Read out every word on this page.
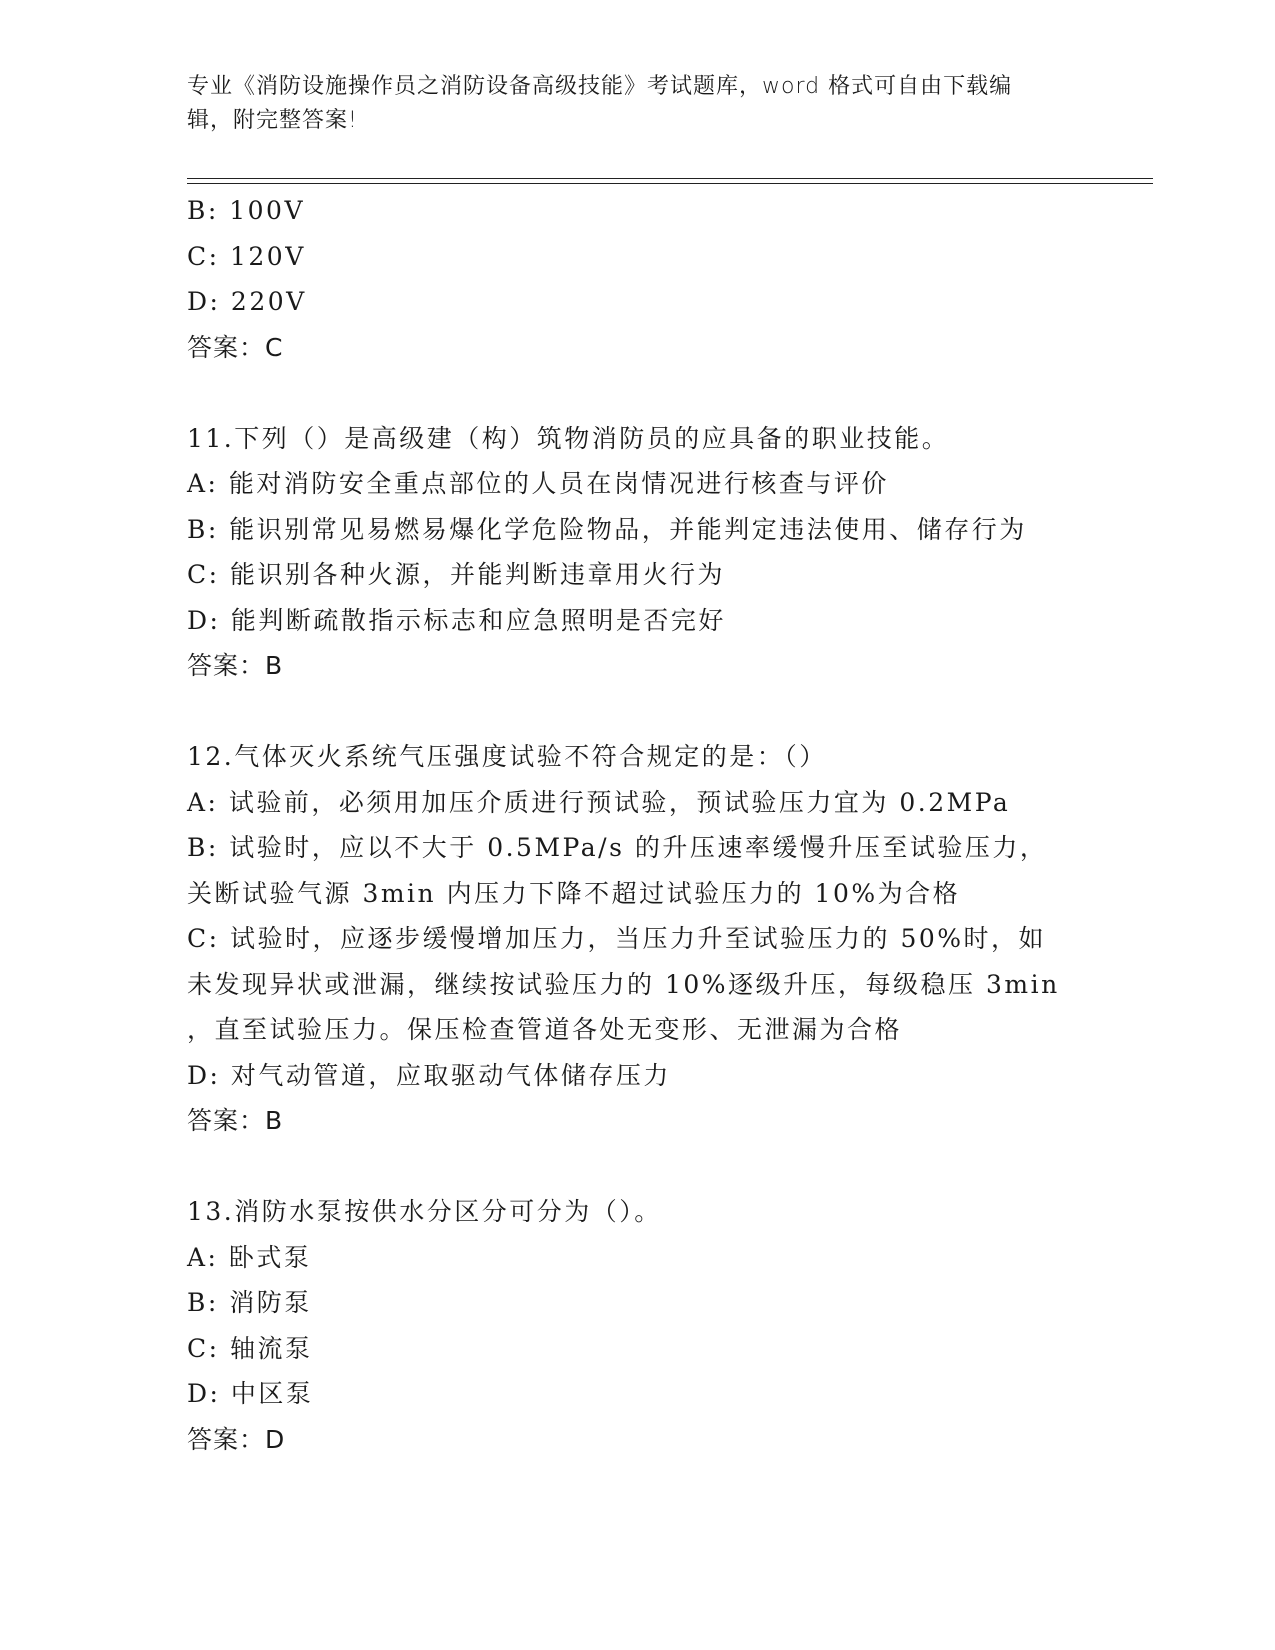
专业《消防设施操作员之消防设备高级技能》考试题库，word 格式可自由下载编
辑，附完整答案!
B: 100V
C: 120V
D: 220V
答案：C
11.下列（）是高级建（构）筑物消防员的应具备的职业技能。
A: 能对消防安全重点部位的人员在岗情况进行核查与评价
B: 能识别常见易燃易爆化学危险物品，并能判定违法使用、储存行为
C: 能识别各种火源，并能判断违章用火行为
D: 能判断疏散指示标志和应急照明是否完好
答案：B
12.气体灭火系统气压强度试验不符合规定的是：（）
A: 试验前，必须用加压介质进行预试验，预试验压力宜为 0.2MPa
B: 试验时，应以不大于 0.5MPa/s 的升压速率缓慢升压至试验压力，
关断试验气源 3min 内压力下降不超过试验压力的 10%为合格
C: 试验时，应逐步缓慢增加压力，当压力升至试验压力的 50%时，如
未发现异状或泄漏，继续按试验压力的 10%逐级升压，每级稳压 3min
，直至试验压力。保压检查管道各处无变形、无泄漏为合格
D: 对气动管道，应取驱动气体储存压力
答案：B
13.消防水泵按供水分区分可分为（）。
A: 卧式泵
B: 消防泵
C: 轴流泵
D: 中区泵
答案：D
